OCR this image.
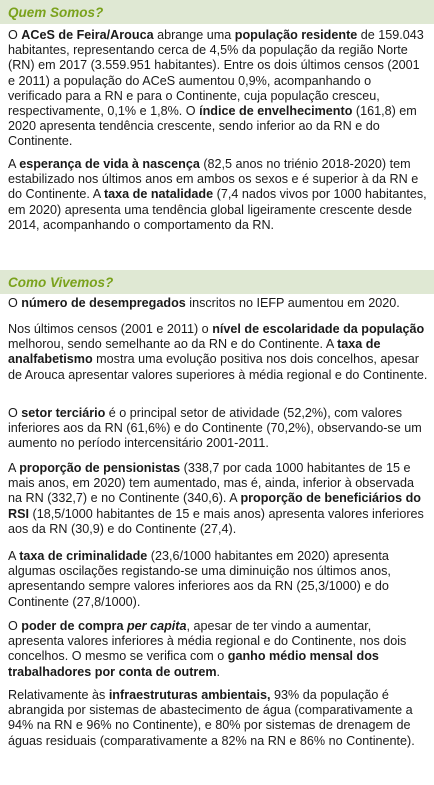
Quem Somos?

O ACeS de Feira/Arouca abrange uma população residente de 159.043 habitantes, representando cerca de 4,5% da população da região Norte (RN) em 2017 (3.559.951 habitantes). Entre os dois últimos censos (2001 e 2011) a população do ACeS aumentou 0,9%, acompanhando o verificado para a RN e para o Continente, cuja população cresceu, respectivamente, 0,1% e 1,8%. O índice de envelhecimento (161,8) em 2020 apresenta tendência crescente, sendo inferior ao da RN e do Continente.

A esperança de vida à nascença (82,5 anos no triénio 2018-2020) tem estabilizado nos últimos anos em ambos os sexos e é superior à da RN e do Continente. A taxa de natalidade (7,4 nados vivos por 1000 habitantes, em 2020) apresenta uma tendência global ligeiramente crescente desde 2014, acompanhando o comportamento da RN.

Como Vivemos?

O número de desempregados inscritos no IEFP aumentou em 2020.

Nos últimos censos (2001 e 2011) o nível de escolaridade da população melhorou, sendo semelhante ao da RN e do Continente. A taxa de analfabetismo mostra uma evolução positiva nos dois concelhos, apesar de Arouca apresentar valores superiores à média regional e do Continente.

O setor terciário é o principal setor de atividade (52,2%), com valores inferiores aos da RN (61,6%) e do Continente (70,2%), observando-se um aumento no período intercensitário 2001-2011.

A proporção de pensionistas (338,7 por cada 1000 habitantes de 15 e mais anos, em 2020) tem aumentado, mas é, ainda, inferior à observada na RN (332,7) e no Continente (340,6). A proporção de beneficiários do RSI (18,5/1000 habitantes de 15 e mais anos) apresenta valores inferiores aos da RN (30,9) e do Continente (27,4).

A taxa de criminalidade (23,6/1000 habitantes em 2020) apresenta algumas oscilações registando-se uma diminuição nos últimos anos, apresentando sempre valores inferiores aos da RN (25,3/1000) e do Continente (27,8/1000).

O poder de compra per capita, apesar de ter vindo a aumentar, apresenta valores inferiores à média regional e do Continente, nos dois concelhos. O mesmo se verifica com o ganho médio mensal dos trabalhadores por conta de outrem.

Relativamente às infraestruturas ambientais, 93% da população é abrangida por sistemas de abastecimento de água (comparativamente a 94% na RN e 96% no Continente), e 80% por sistemas de drenagem de águas residuais (comparativamente a 82% na RN e 86% no Continente).
